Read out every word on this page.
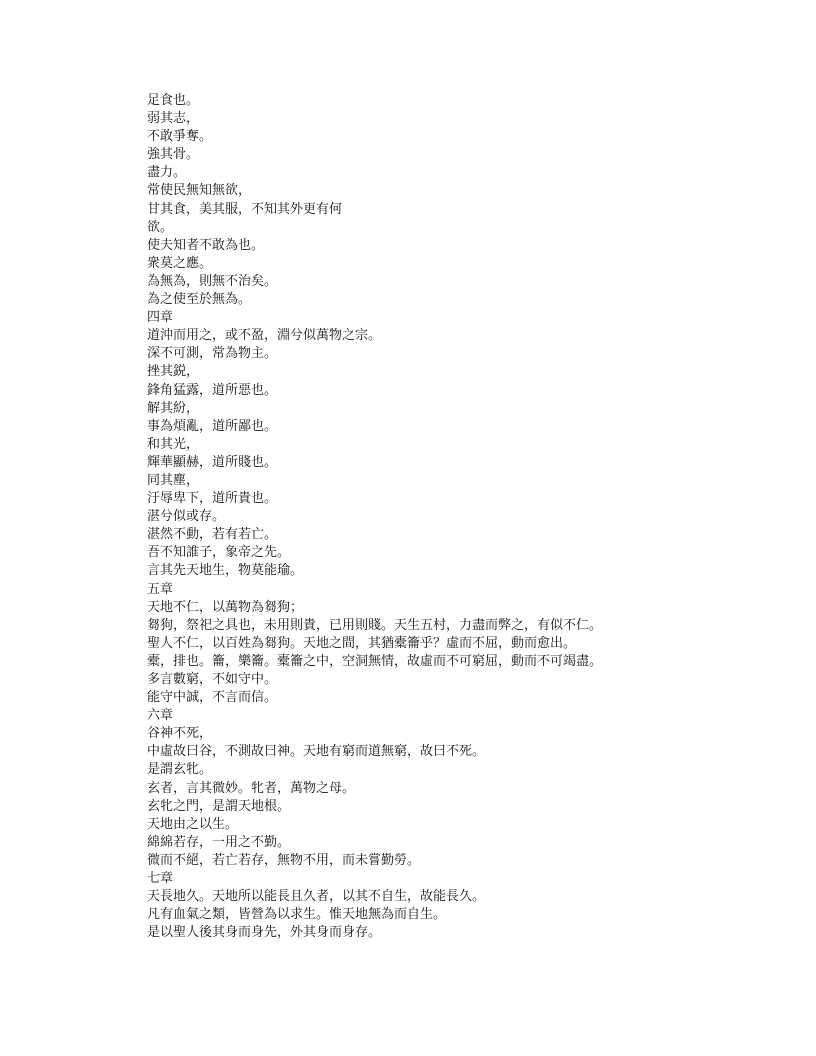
足食也。
弱其志，
不敢爭奪。
強其骨。
盡力。
常使民無知無欲，
甘其食，美其服，不知其外更有何
欲。
使夫知者不敢為也。
衆莫之應。
為無為，則無不治矣。
為之使至於無為。
四章
道沖而用之，或不盈，淵兮似萬物之宗。
深不可測，常為物主。
挫其鋭，
鋒角猛露，道所惡也。
解其紛，
事為煩亂，道所鄙也。
和其光，
輝華顯赫，道所賤也。
同其塵，
汙辱卑下，道所貴也。
湛兮似或存。
湛然不動，若有若亡。
吾不知誰子，象帝之先。
言其先天地生，物莫能瑜。
五章
天地不仁，以萬物為芻狗；
芻狗，祭祀之具也，未用則貴，已用則賤。天生五村，力盡而弊之，有似不仁。
聖人不仁，以百姓為芻狗。天地之間，其猶橐籥乎？虛而不屈，動而愈出。
橐，排也。籥，樂籥。橐籥之中，空洞無情，故虛而不可窮屈，動而不可竭盡。
多言數窮，不如守中。
能守中誠，不言而信。
六章
谷神不死，
中虛故曰谷，不測故曰神。天地有窮而道無窮，故曰不死。
是謂玄牝。
玄者，言其微妙。牝者，萬物之母。
玄牝之門，是謂天地根。
天地由之以生。
綿綿若存，一用之不勤。
微而不絕，若亡若存，無物不用，而未嘗勤勞。
七章
天長地久。天地所以能長且久者，以其不自生，故能長久。
凡有血氣之類，皆營為以求生。惟天地無為而自生。
是以聖人後其身而身先，外其身而身存。
